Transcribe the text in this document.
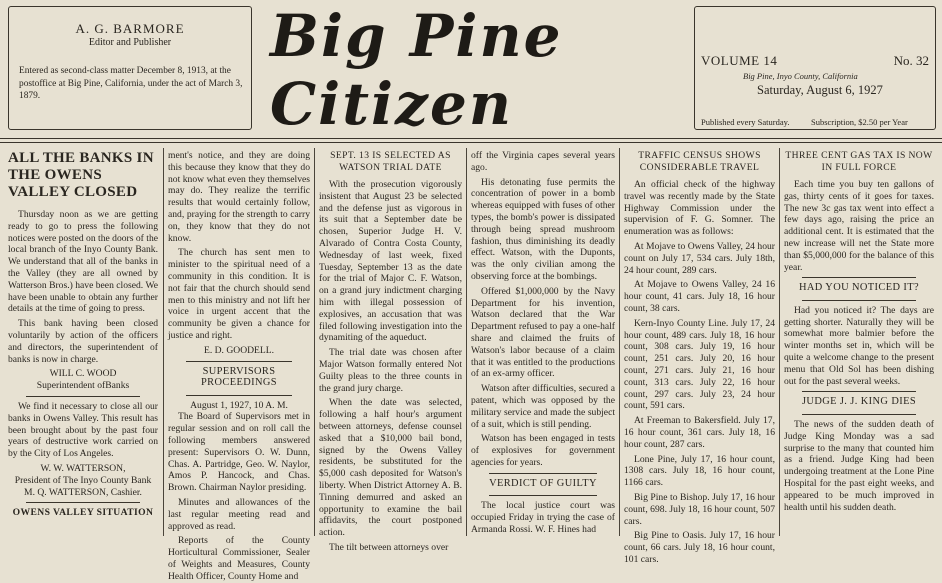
A. G. BARMORE
Editor and Publisher
Entered as second-class matter December 8, 1913, at the postoffice at Big Pine, California, under the act of March 3, 1879.
Big Pine Citizen
VOLUME 14	No. 32
Big Pine, Inyo County, California
Saturday, August 6, 1927
Published every Saturday.	Subscription, $2.50 per Year
ALL THE BANKS IN THE OWENS VALLEY CLOSED

Thursday noon as we are getting ready to go to press the following notices were posted on the doors of the local branch of the Inyo County Bank. We understand that all of the banks in the Valley (they are all owned by Watterson Bros.) have been closed. We have been unable to obtain any further details at the time of going to press.

This bank having been closed voluntarily by action of the officers and directors, the superintendent of banks is now in charge.

WILL C. WOOD
Superintendent ofBanks

We find it necessary to close all our banks in Owens Valley. This result has been brought about by the past four years of destructive work carried on by the City of Los Angeles.

W. W. WATTERSON,
President of The Inyo County Bank
M. Q. WATTERSON, Cashier.
OWENS VALLEY SITUATION

ment's notice, and they are doing this because they know that they do not know what even they themselves may do. They realize the terrific results that would certainly follow, and, praying for the strength to carry on, they know that they do not know.

The church has sent men to minister to the spiritual need of a community in this condition. It is not fair that the church should send men to this ministry and not lift her voice in urgent accent that the community be given a chance for justice and right.

E. D. GOODELL.
SUPERVISORS PROCEEDINGS
August 1, 1927, 10 A. M.

The Board of Supervisors met in regular session and on roll call the following members answered present: Supervisors O. W. Dunn, Chas. A. Partridge, Geo. W. Naylor, Amos P. Hancock, and Chas. Brown. Chairman Naylor presiding.

Minutes and allowances of the last regular meeting read and approved as read.

Reports of the County Horticultural Commissioner, Sealer of Weights and Measures, County Health Officer, County Home and

SEPT. 13 IS SELECTED AS WATSON TRIAL DATE

With the prosecution vigorously insistent that August 23 be selected and the defense just as vigorous in its suit that a September date be chosen, Superior Judge H. V. Alvarado of Contra Costa County, Wednesday of last week, fixed Tuesday, September 13 as the date for the trial of Major C. F. Watson, on a grand jury indictment charging him with illegal possession of explosives, an accusation that was filed following investigation into the dynamiting of the aqueduct.

The trial date was chosen after Major Watson formally entered Not Guilty pleas to the three counts in the grand jury charge.

When the date was selected, following a half hour's argument between attorneys, defense counsel asked that a $10,000 bail bond, signed by the Owens Valley residents, be substituted for the $5,000 cash deposited for Watson's liberty. When District Attorney A. B. Tinning demurred and asked an opportunity to examine the bail affidavits, the court postponed action.

The tilt between attorneys over

off the Virginia capes several years ago.

His detonating fuse permits the concentration of power in a bomb whereas equipped with fuses of other types, the bomb's power is dissipated through being spread mushroom fashion, thus diminishing its deadly effect. Watson, with the Duponts, was the only civilian among the observing force at the bombings.

Offered $1,000,000 by the Navy Department for his invention, Watson declared that the War Department refused to pay a one-half share and claimed the fruits of Watson's labor because of a claim that it was entitled to the productions of an ex-army officer.

Watson after difficulties, secured a patent, which was opposed by the military service and made the subject of a suit, which is still pending.

Watson has been engaged in tests of explosives for government agencies for years.

VERDICT OF GUILTY

The local justice court was occupied Friday in trying the case of Armanda Rossi. W. F. Hines had

TRAFFIC CENSUS SHOWS CONSIDERABLE TRAVEL

An official check of the highway travel was recently made by the State Highway Commission under the supervision of F. G. Somner. The enumeration was as follows:

At Mojave to Owens Valley, 24 hour count on July 17, 534 cars. July 18th, 24 hour count, 289 cars.

At Mojave to Owens Valley, 24 16 hour count, 41 cars. July 18, 16 hour count, 38 cars.

Kern-Inyo County Line. July 17, 24 hour count, 489 cars. July 18, 16 hour count, 308 cars. July 19, 16 hour count, 251 cars. July 20, 16 hour count, 271 cars. July 21, 16 hour count, 313 cars. July 22, 16 hour count, 297 cars. July 23, 24 hour count, 591 cars.

At Freeman to Bakersfield. July 17, 16 hour count, 361 cars. July 18, 16 hour count, 287 cars.

Lone Pine, July 17, 16 hour count, 1308 cars. July 18, 16 hour count, 1166 cars.

Big Pine to Bishop. July 17, 16 hour count, 698. July 18, 16 hour count, 507 cars.

Big Pine to Oasis. July 17, 16 hour count, 66 cars. July 18, 16 hour count, 101 cars.

THREE CENT GAS TAX IS NOW IN FULL FORCE

Each time you buy ten gallons of gas, thirty cents of it goes for taxes. The new 3c gas tax went into effect a few days ago, raising the price an additional cent. It is estimated that the new increase will net the State more than $5,000,000 for the balance of this year.

HAD YOU NOTICED IT?

Had you noticed it? The days are getting shorter. Naturally they will be somewhat more balmier before the winter months set in, which will be quite a welcome change to the present menu that Old Sol has been dishing out for the past several weeks.

JUDGE J. J. KING DIES

The news of the sudden death of Judge King Monday was a sad surprise to the many that counted him as a friend. Judge King had been undergoing treatment at the Lone Pine Hospital for the past eight weeks, and appeared to be much improved in health until his sudden death.
